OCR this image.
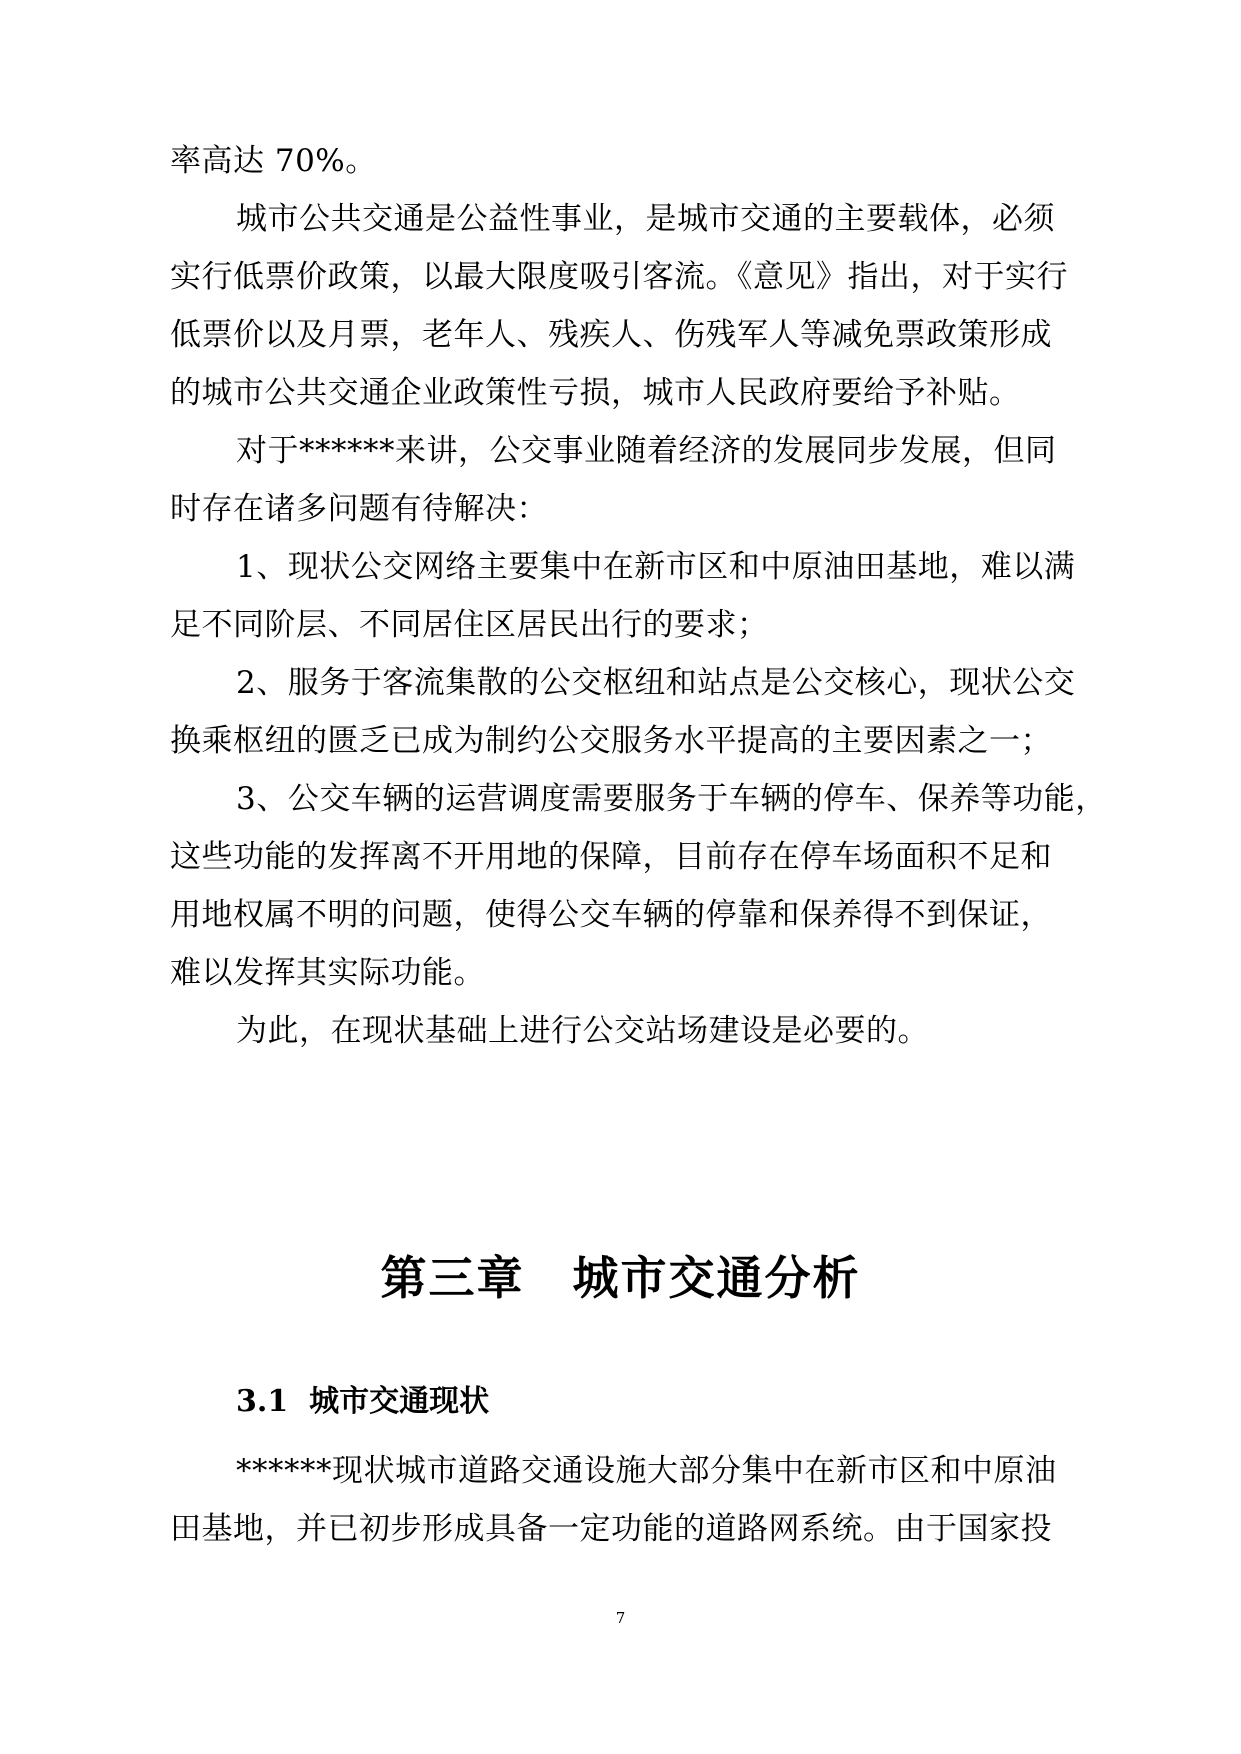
率高达 70%。
城市公共交通是公益性事业，是城市交通的主要载体，必须
实行低票价政策，以最大限度吸引客流。《意见》指出，对于实行
低票价以及月票，老年人、残疾人、伤残军人等减免票政策形成
的城市公共交通企业政策性亏损，城市人民政府要给予补贴。
对于******来讲，公交事业随着经济的发展同步发展，但同
时存在诸多问题有待解决：
1、现状公交网络主要集中在新市区和中原油田基地，难以满
足不同阶层、不同居住区居民出行的要求；
2、服务于客流集散的公交枢纽和站点是公交核心，现状公交
换乘枢纽的匮乏已成为制约公交服务水平提高的主要因素之一；
3、公交车辆的运营调度需要服务于车辆的停车、保养等功能，
这些功能的发挥离不开用地的保障，目前存在停车场面积不足和
用地权属不明的问题，使得公交车辆的停靠和保养得不到保证，
难以发挥其实际功能。
为此，在现状基础上进行公交站场建设是必要的。
第三章　城市交通分析
3.1  城市交通现状
******现状城市道路交通设施大部分集中在新市区和中原油
田基地，并已初步形成具备一定功能的道路网系统。由于国家投
7
